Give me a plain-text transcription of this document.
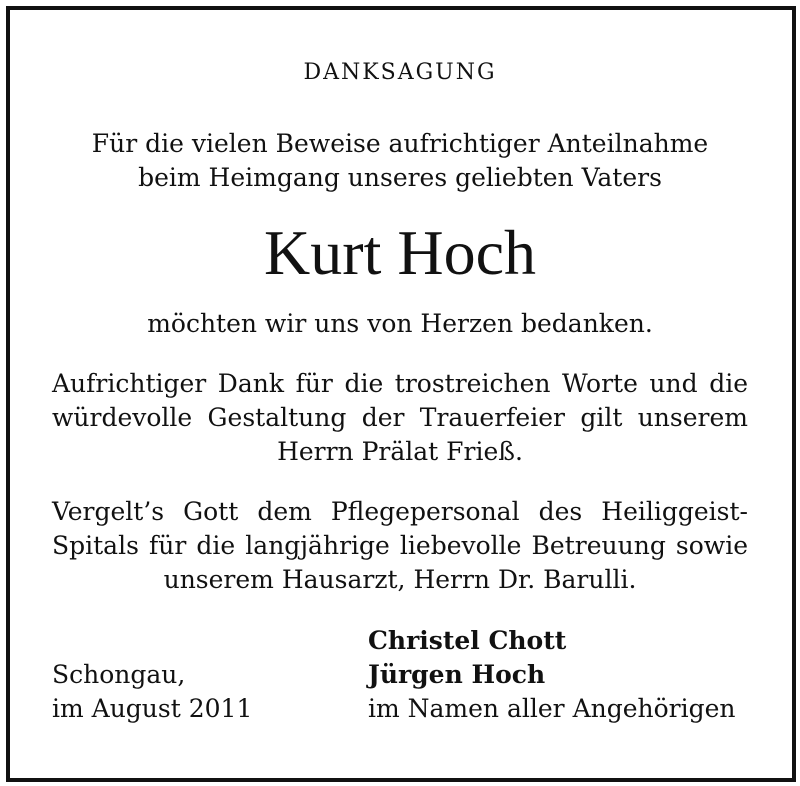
DANKSAGUNG
Für die vielen Beweise aufrichtiger Anteilnahme
beim Heimgang unseres geliebten Vaters
Kurt Hoch
möchten wir uns von Herzen bedanken.
Aufrichtiger Dank für die trostreichen Worte und die
würdevolle Gestaltung der Trauerfeier gilt unserem
Herrn Prälat Frieß.
Vergelt’s Gott dem Pflegepersonal des Heiliggeist-
Spitals für die langjährige liebevolle Betreuung sowie
unserem Hausarzt, Herrn Dr. Barulli.
Schongau,
im August 2011
Christel Chott
Jürgen Hoch
im Namen aller Angehörigen
